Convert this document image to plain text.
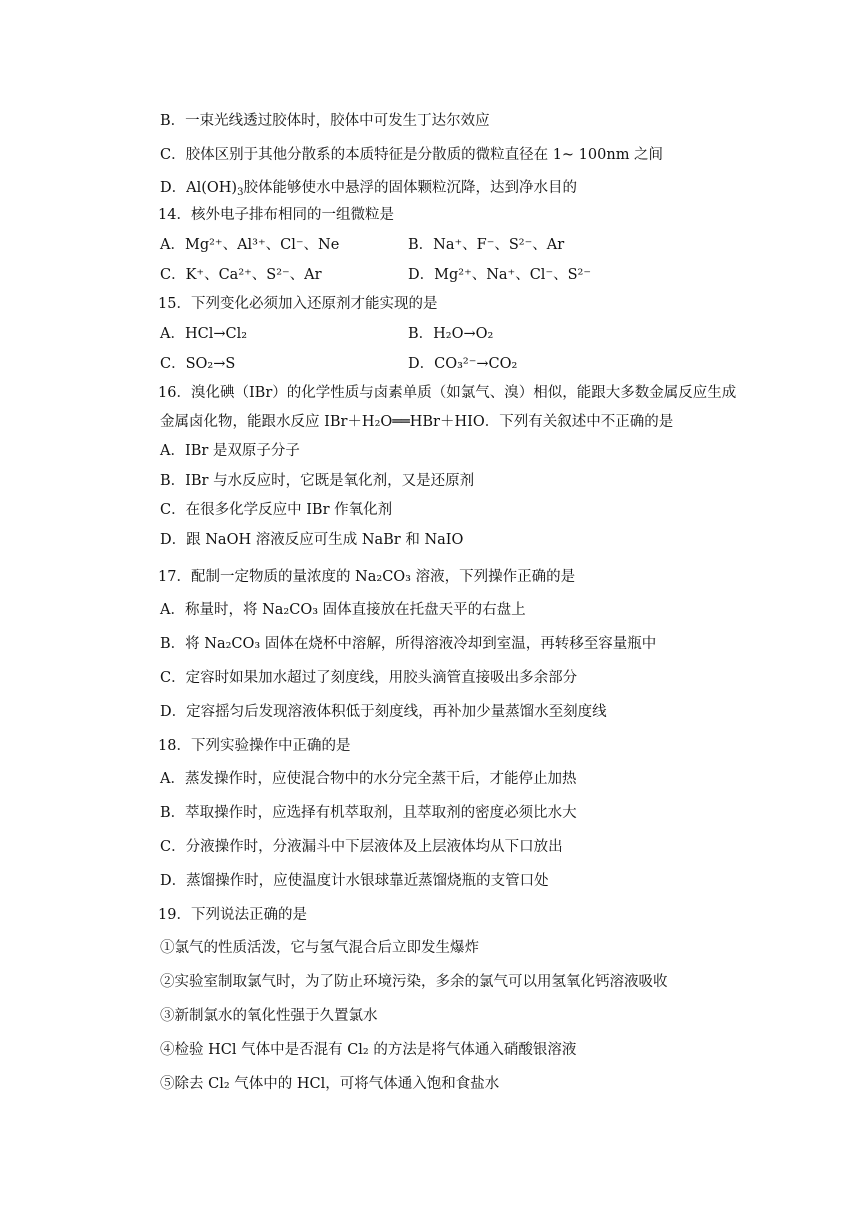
B．一束光线透过胶体时，胶体中可发生丁达尔效应
C．胶体区别于其他分散系的本质特征是分散质的微粒直径在 1~ 100nm 之间
D．$Al(OH)_3$胶体能够使水中悬浮的固体颗粒沉降，达到净水目的
14．核外电子排布相同的一组微粒是
A．Mg²⁺、Al³⁺、Cl⁻、Ne	B．Na⁺、F⁻、S²⁻、Ar
C．K⁺、Ca²⁺、S²⁻、Ar	D．Mg²⁺、Na⁺、Cl⁻、S²⁻
15．下列变化必须加入还原剂才能实现的是
A．HCl→Cl₂	B．H₂O→O₂
C．SO₂→S	D．CO₃²⁻→CO₂
16．溴化碘（IBr）的化学性质与卤素单质（如氯气、溴）相似，能跟大多数金属反应生成
金属卤化物，能跟水反应 IBr＋H₂O══HBr＋HIO．下列有关叙述中不正确的是
A．IBr 是双原子分子
B．IBr 与水反应时，它既是氧化剂，又是还原剂
C．在很多化学反应中 IBr 作氧化剂
D．跟 NaOH 溶液反应可生成 NaBr 和 NaIO
17．配制一定物质的量浓度的 Na₂CO₃ 溶液，下列操作正确的是
A．称量时，将 Na₂CO₃ 固体直接放在托盘天平的右盘上
B．将 Na₂CO₃ 固体在烧杯中溶解，所得溶液冷却到室温，再转移至容量瓶中
C．定容时如果加水超过了刻度线，用胶头滴管直接吸出多余部分
D．定容摇匀后发现溶液体积低于刻度线，再补加少量蒸馏水至刻度线
18．下列实验操作中正确的是
A．蒸发操作时，应使混合物中的水分完全蒸干后，才能停止加热
B．萃取操作时，应选择有机萃取剂，且萃取剂的密度必须比水大
C．分液操作时，分液漏斗中下层液体及上层液体均从下口放出
D．蒸馏操作时，应使温度计水银球靠近蒸馏烧瓶的支管口处
19．下列说法正确的是
①氯气的性质活泼，它与氢气混合后立即发生爆炸
②实验室制取氯气时，为了防止环境污染，多余的氯气可以用氢氧化钙溶液吸收
③新制氯水的氧化性强于久置氯水
④检验 HCl 气体中是否混有 Cl₂ 的方法是将气体通入硝酸银溶液
⑤除去 Cl₂ 气体中的 HCl，可将气体通入饱和食盐水
